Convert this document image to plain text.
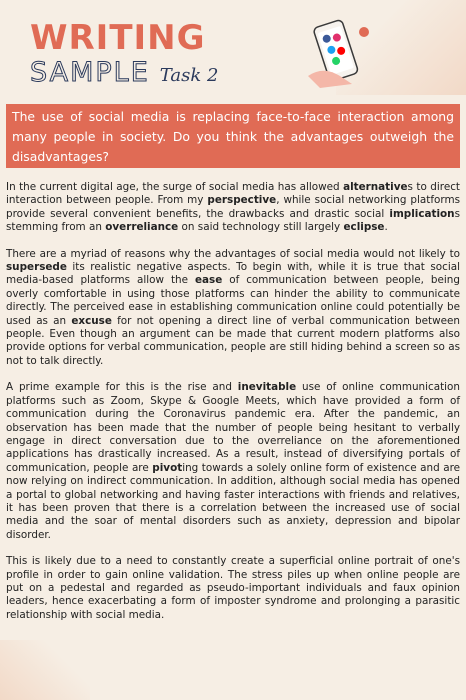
WRITING
SAMPLE Task 2
The use of social media is replacing face-to-face interaction among many people in society. Do you think the advantages outweigh the disadvantages?

In the current digital age, the surge of social media has allowed alternatives to direct interaction between people. From my perspective, while social networking platforms provide several convenient benefits, the drawbacks and drastic social implications stemming from an overreliance on said technology still largely eclipse.

There are a myriad of reasons why the advantages of social media would not likely to supersede its realistic negative aspects. To begin with, while it is true that social media-based platforms allow the ease of communication between people, being overly comfortable in using those platforms can hinder the ability to communicate directly. The perceived ease in establishing communication online could potentially be used as an excuse for not opening a direct line of verbal communication between people. Even though an argument can be made that current modern platforms also provide options for verbal communication, people are still hiding behind a screen so as not to talk directly.

A prime example for this is the rise and inevitable use of online communication platforms such as Zoom, Skype & Google Meets, which have provided a form of communication during the Coronavirus pandemic era. After the pandemic, an observation has been made that the number of people being hesitant to verbally engage in direct conversation due to the overreliance on the aforementioned applications has drastically increased. As a result, instead of diversifying portals of communication, people are pivoting towards a solely online form of existence and are now relying on indirect communication. In addition, although social media has opened a portal to global networking and having faster interactions with friends and relatives, it has been proven that there is a correlation between the increased use of social media and the soar of mental disorders such as anxiety, depression and bipolar disorder.

This is likely due to a need to constantly create a superficial online portrait of one's profile in order to gain online validation. The stress piles up when online people are put on a pedestal and regarded as pseudo-important individuals and faux opinion leaders, hence exacerbating a form of imposter syndrome and prolonging a parasitic relationship with social media.
